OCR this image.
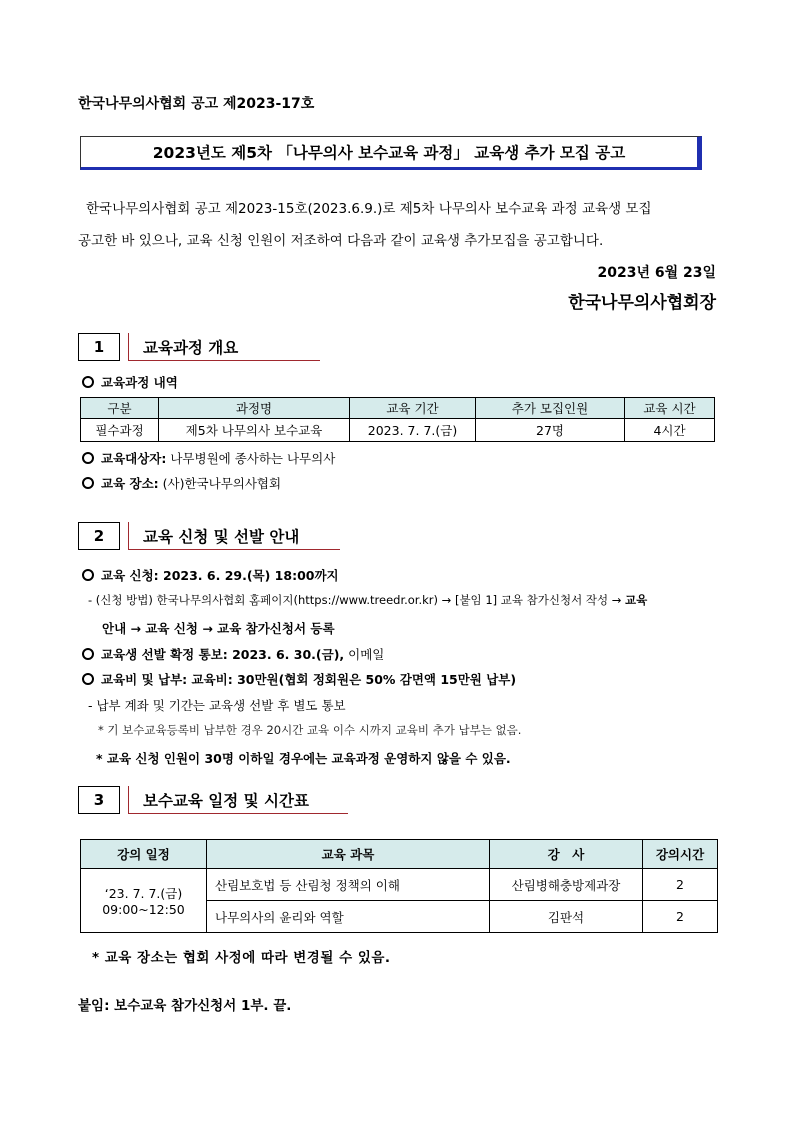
한국나무의사협회 공고 제2023-17호
2023년도 제5차 「나무의사 보수교육 과정」 교육생 추가 모집 공고

한국나무의사협회 공고 제2023-15호(2023.6.9.)로 제5차 나무의사 보수교육 과정 교육생 모집

공고한 바 있으나, 교육 신청 인원이 저조하여 다음과 같이 교육생 추가모집을 공고합니다.
2023년 6월 23일
한국나무의사협회장
1	교육과정 개요
교육과정 내역
구분	과정명	교육 기간	추가 모집인원	교육 시간
필수과정	제5차 나무의사 보수교육	2023. 7. 7.(금)	27명	4시간
교육대상자:
나무병원에 종사하는 나무의사
교육 장소:
(사)한국나무의사협회
2	교육 신청 및 선발 안내
교육 신청: 2023. 6. 29.(목) 18:00까지
- (신청 방법) 한국나무의사협회 홈페이지(https://www.treedr.or.kr) → [붙임 1] 교육 참가신청서 작성 → 교육
안내 → 교육 신청 → 교육 참가신청서 등록
교육생 선발 확정 통보: 2023. 6. 30.(금),
이메일
교육비 및 납부: 교육비: 30만원(협회 정회원은 50% 감면액 15만원 납부)
- 납부 계좌 및 기간는 교육생 선발 후 별도 통보
* 기 보수교육등록비 납부한 경우 20시간 교육 이수 시까지 교육비 추가 납부는 없음.
* 교육 신청 인원이 30명 이하일 경우에는 교육과정 운영하지 않을 수 있음.
3	보수교육 일정 및 시간표
강의 일정	교육 과목	강　사	강의시간

‘23. 7. 7.(금)
09:00~12:50	산림보호법 등 산림청 정책의 이해	산림병해충방제과장	2
	나무의사의 윤리와 역할	김판석	2
* 교육 장소는 협회 사정에 따라 변경될 수 있음.
붙임: 보수교육 참가신청서 1부. 끝.
